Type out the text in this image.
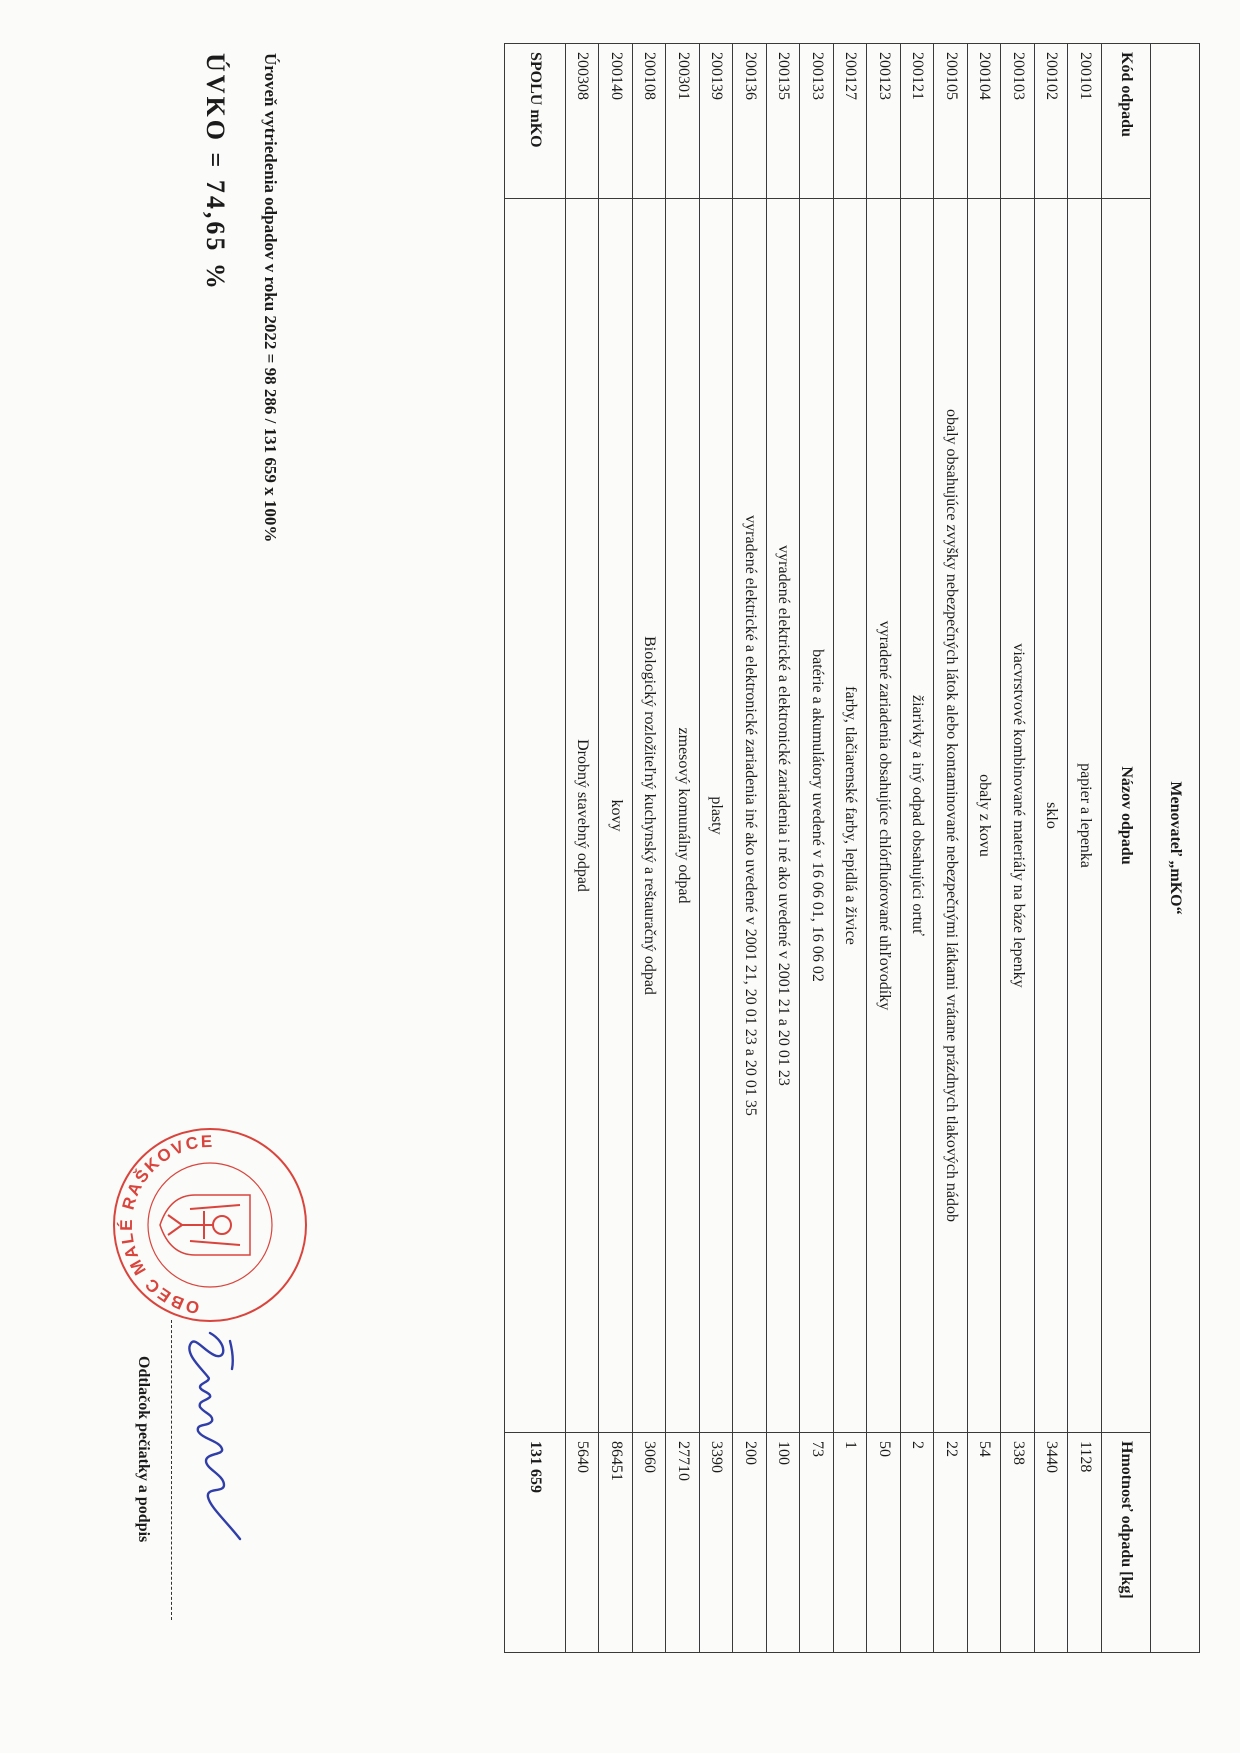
Menovateľ „mKO“		
Kód odpadu	Názov odpadu	Hmotnosť odpadu [kg]
200101	papier a lepenka	1128
200102	sklo	3440
200103	viacvrstvové kombinované materiály na báze lepenky	338
200104	obaly z kovu	54
200105	obaly obsahujúce zvyšky nebezpečných látok alebo kontaminované nebezpečnými látkami vrátane prázdnych tlakových nádob	22
200121	žiarivky a iný odpad obsahujúci ortuť	2
200123	vyradené zariadenia obsahujúce chlórfluórované uhľovodíky	50
200127	farby, tlačiarenské farby, lepidlá a živice	1
200133	batérie a akumulátory uvedené v 16 06 01, 16 06 02	73
200135	vyradené elektrické a elektronické zariadenia i né ako uvedené v 2001 21 a 20 01 23	100
200136	vyradené elektrické a elektronické zariadenia iné ako uvedené v 2001 21, 20 01 23 a 20 01 35	200
200139	plasty	3390
200301	zmesový komunálny odpad	27710
200108	Biologický rozložiteľný kuchynský a reštauračný odpad	3060
200140	kovy	86451
200308	Drobný stavebný odpad	5640
SPOLU mKO		131 659
Úroveň vytriedenia odpadov v roku 2022 = 98 286 / 131 659 x 100%
ÚVKO = 74,65 %
OBEC MALÉ RAŠKOVCE
Odtlačok pečiatky a podpis
